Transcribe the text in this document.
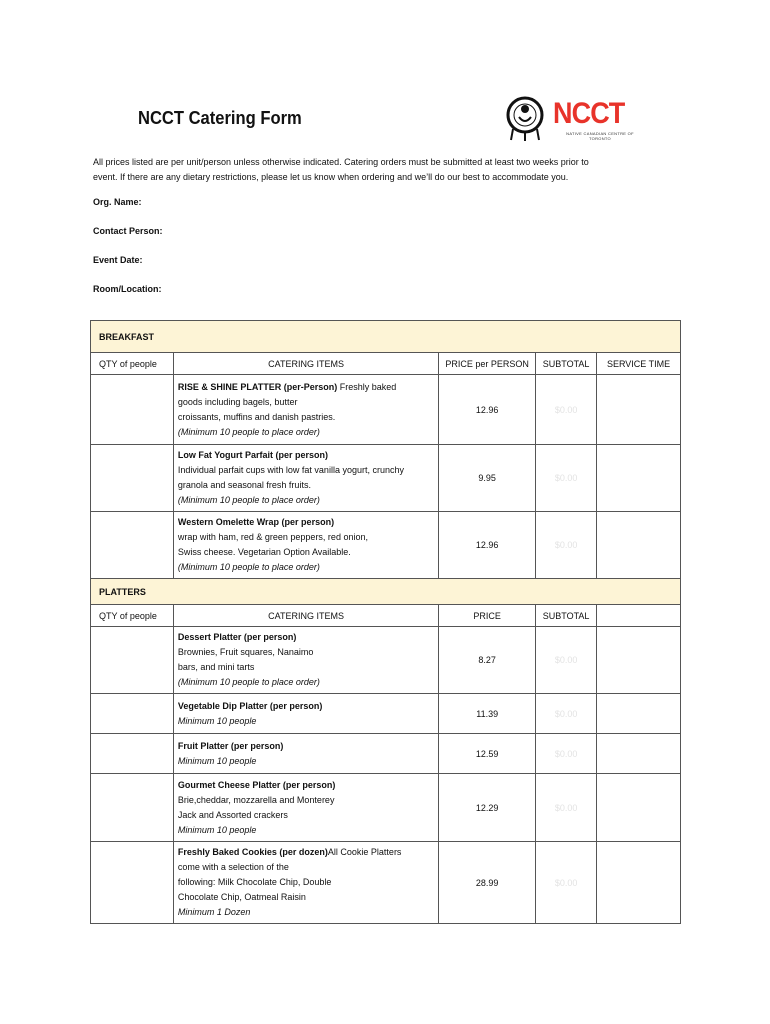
NCCT Catering Form	NCCT
NATIVE CANADIAN CENTRE OF TORONTO
All prices listed are per unit/person unless otherwise indicated. Catering orders must be submitted at least two weeks prior to
event. If there are any dietary restrictions, please let us know when ordering and we’ll do our best to accommodate you.
Org. Name:
Contact Person:
Event Date:
Room/Location:
BREAKFAST				
QTY of people	CATERING ITEMS	PRICE per PERSON	SUBTOTAL	SERVICE TIME
	RISE & SHINE PLATTER (per-Person) Freshly baked
goods including bagels, butter
croissants, muffins and danish pastries.
(Minimum 10 people to place order)	12.96	$0.00	
	Low Fat Yogurt Parfait (per person)
Individual parfait cups with low fat vanilla yogurt, crunchy
granola and seasonal fresh fruits.
(Minimum 10 people to place order)	9.95	$0.00	
	Western Omelette Wrap (per person)
wrap with ham, red & green peppers, red onion,
Swiss cheese. Vegetarian Option Available.
(Minimum 10 people to place order)	12.96	$0.00	
PLATTERS				
QTY of people	CATERING ITEMS	PRICE	SUBTOTAL	
	Dessert Platter (per person)
Brownies, Fruit squares, Nanaimo
bars, and mini tarts
(Minimum 10 people to place order)	8.27	$0.00	
	Vegetable Dip Platter (per person)
Minimum 10 people	11.39	$0.00	
	Fruit Platter (per person)
Minimum 10 people	12.59	$0.00	
	Gourmet Cheese Platter (per person)
Brie,cheddar, mozzarella and Monterey
Jack and Assorted crackers
Minimum 10 people	12.29	$0.00	
	Freshly Baked Cookies (per dozen)All Cookie Platters
come with a selection of the
following: Milk Chocolate Chip, Double
Chocolate Chip, Oatmeal Raisin
Minimum 1 Dozen	28.99	$0.00	
